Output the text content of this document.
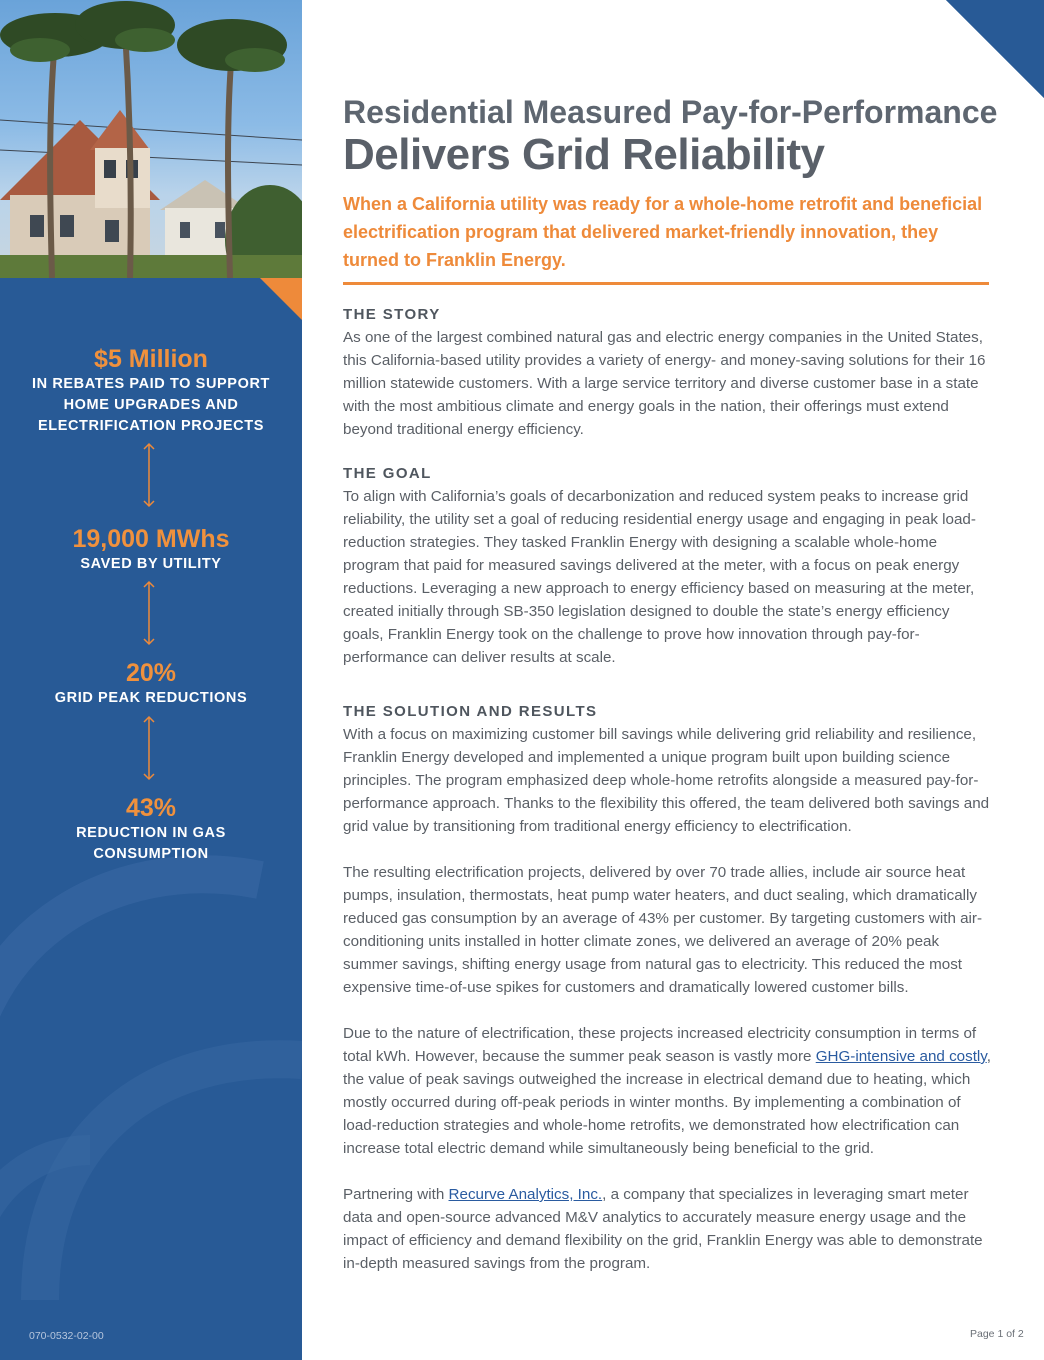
$5 Million
IN REBATES PAID TO SUPPORT HOME UPGRADES AND ELECTRIFICATION PROJECTS
19,000 MWhs
SAVED BY UTILITY
20%
GRID PEAK REDUCTIONS
43%
REDUCTION IN GAS CONSUMPTION
070-0532-02-00
Residential Measured Pay-for-Performance
Delivers Grid Reliability
When a California utility was ready for a whole-home retrofit and beneficial electrification program that delivered market-friendly innovation, they turned to Franklin Energy.
THE STORY

As one of the largest combined natural gas and electric energy companies in the United States, this California-based utility provides a variety of energy- and money-saving solutions for their 16 million statewide customers. With a large service territory and diverse customer base in a state with the most ambitious climate and energy goals in the nation, their offerings must extend beyond traditional energy efficiency.

THE GOAL

To align with California’s goals of decarbonization and reduced system peaks to increase grid reliability, the utility set a goal of reducing residential energy usage and engaging in peak load-reduction strategies. They tasked Franklin Energy with designing a scalable whole-home program that paid for measured savings delivered at the meter, with a focus on peak energy reductions. Leveraging a new approach to energy efficiency based on measuring at the meter, created initially through SB-350 legislation designed to double the state’s energy efficiency goals, Franklin Energy took on the challenge to prove how innovation through pay-for-performance can deliver results at scale.

THE SOLUTION AND RESULTS

With a focus on maximizing customer bill savings while delivering grid reliability and resilience, Franklin Energy developed and implemented a unique program built upon building science principles. The program emphasized deep whole-home retrofits alongside a measured pay-for-performance approach. Thanks to the flexibility this offered, the team delivered both savings and grid value by transitioning from traditional energy efficiency to electrification.

The resulting electrification projects, delivered by over 70 trade allies, include air source heat pumps, insulation, thermostats, heat pump water heaters, and duct sealing, which dramatically reduced gas consumption by an average of 43% per customer. By targeting customers with air-conditioning units installed in hotter climate zones, we delivered an average of 20% peak summer savings, shifting energy usage from natural gas to electricity. This reduced the most expensive time-of-use spikes for customers and dramatically lowered customer bills.

Due to the nature of electrification, these projects increased electricity consumption in terms of total kWh. However, because the summer peak season is vastly more GHG-intensive and costly, the value of peak savings outweighed the increase in electrical demand due to heating, which mostly occurred during off-peak periods in winter months. By implementing a combination of load-reduction strategies and whole-home retrofits, we demonstrated how electrification can increase total electric demand while simultaneously being beneficial to the grid.

Partnering with Recurve Analytics, Inc., a company that specializes in leveraging smart meter data and open-source advanced M&V analytics to accurately measure energy usage and the impact of efficiency and demand flexibility on the grid, Franklin Energy was able to demonstrate in-depth measured savings from the program.

Page 1 of 2
